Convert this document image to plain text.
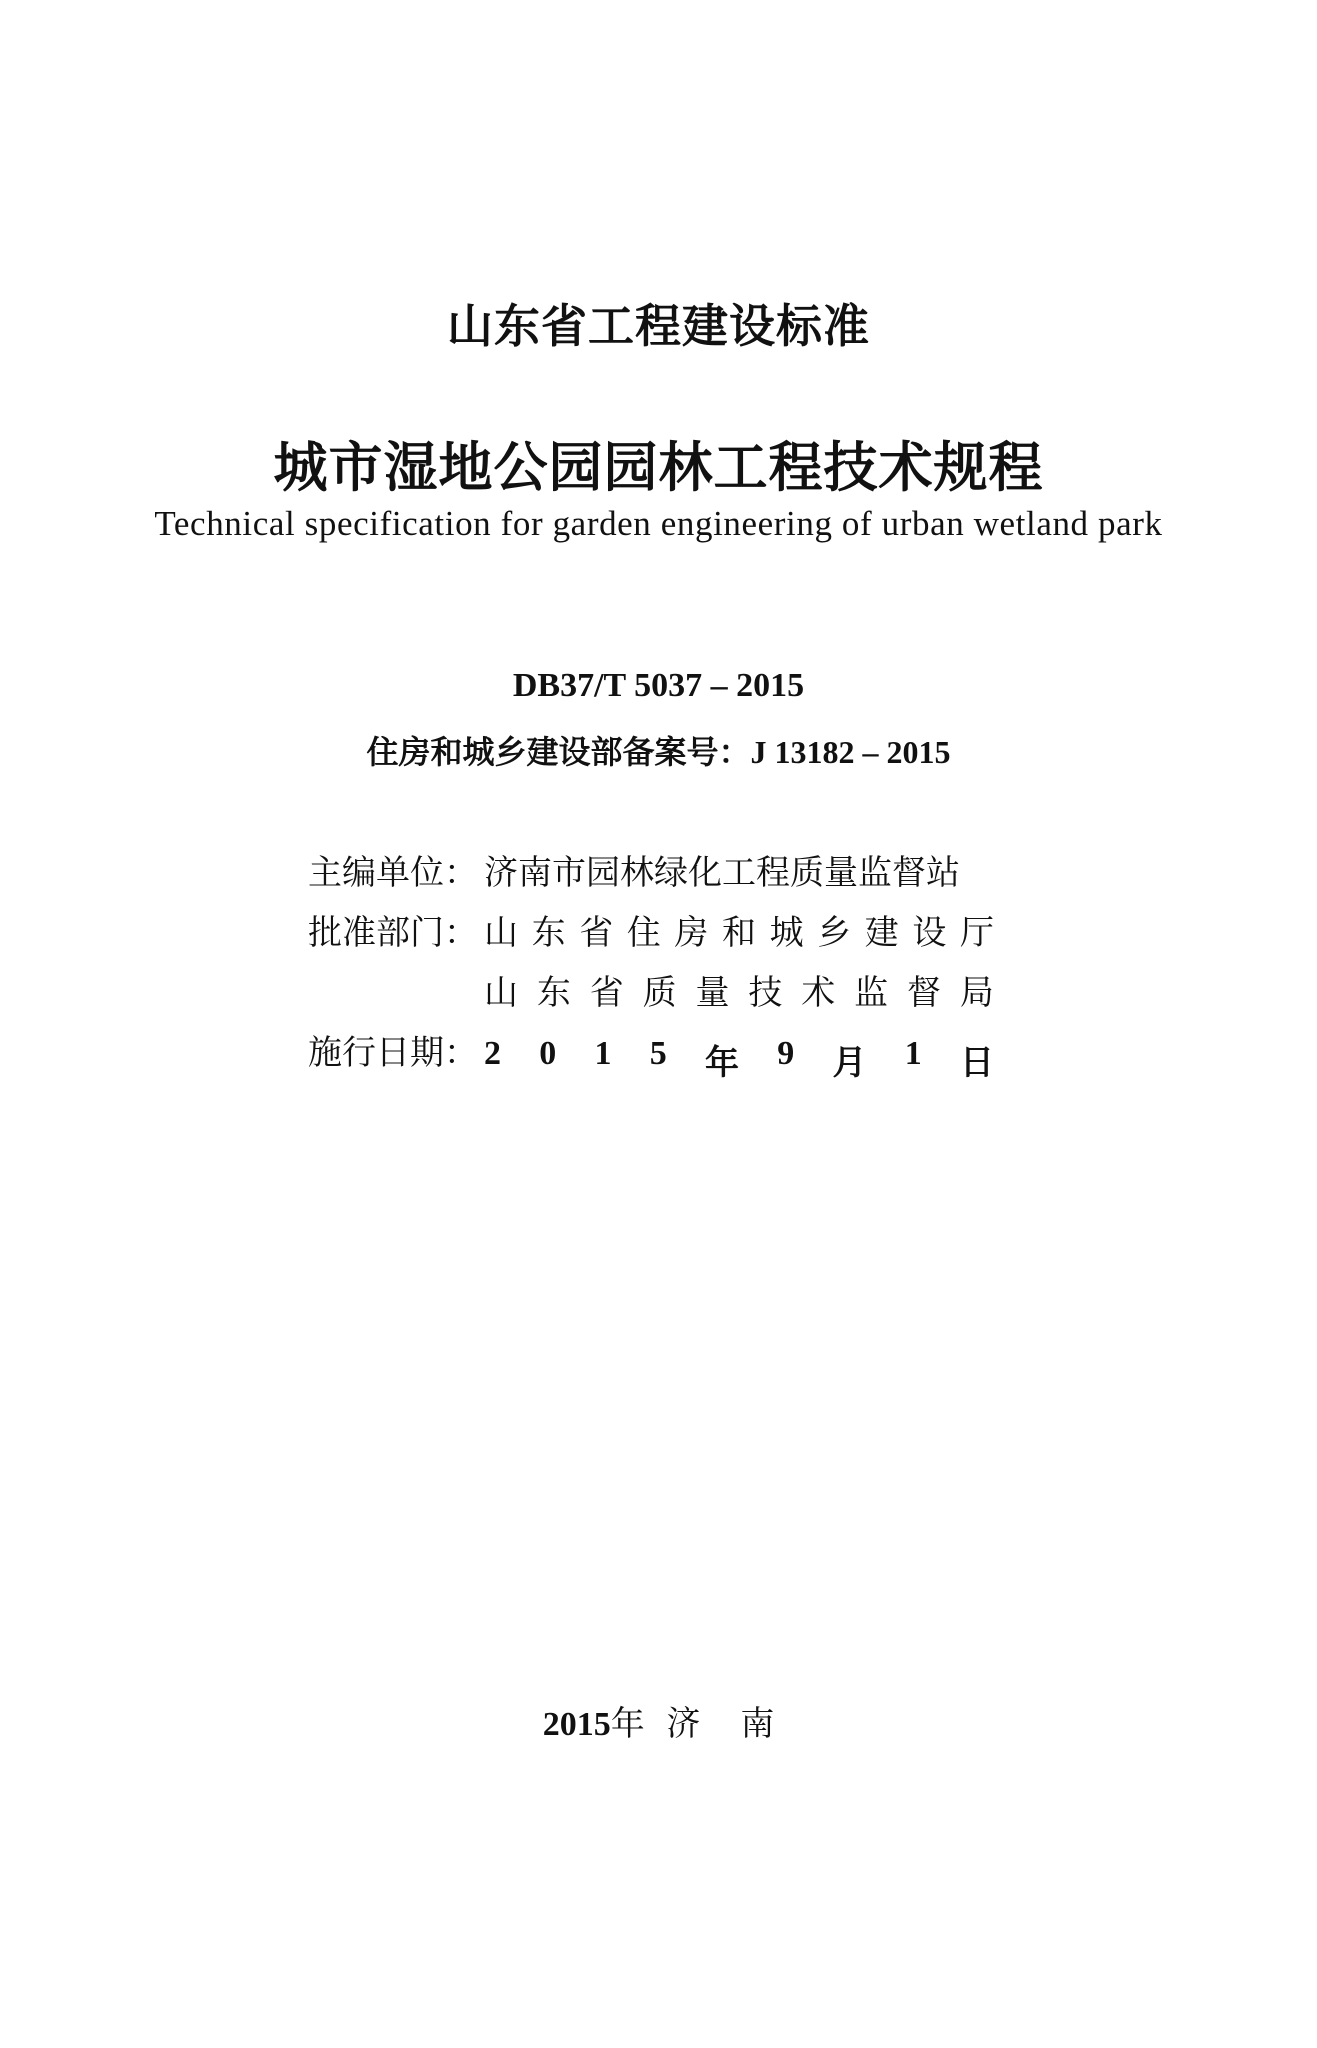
山东省工程建设标准
城市湿地公园园林工程技术规程
Technical specification for garden engineering of urban wetland park
DB37/T 5037 – 2015
住房和城乡建设部备案号：J 13182 – 2015
主编单位： 济南市园林绿化工程质量监督站
批准部门： 山 东 省 住 房 和 城 乡 建 设 厅
山 东 省 质 量 技 术 监 督 局
施行日期： 2 0 1 5 年 9 月 1 日
2015年 济 南
